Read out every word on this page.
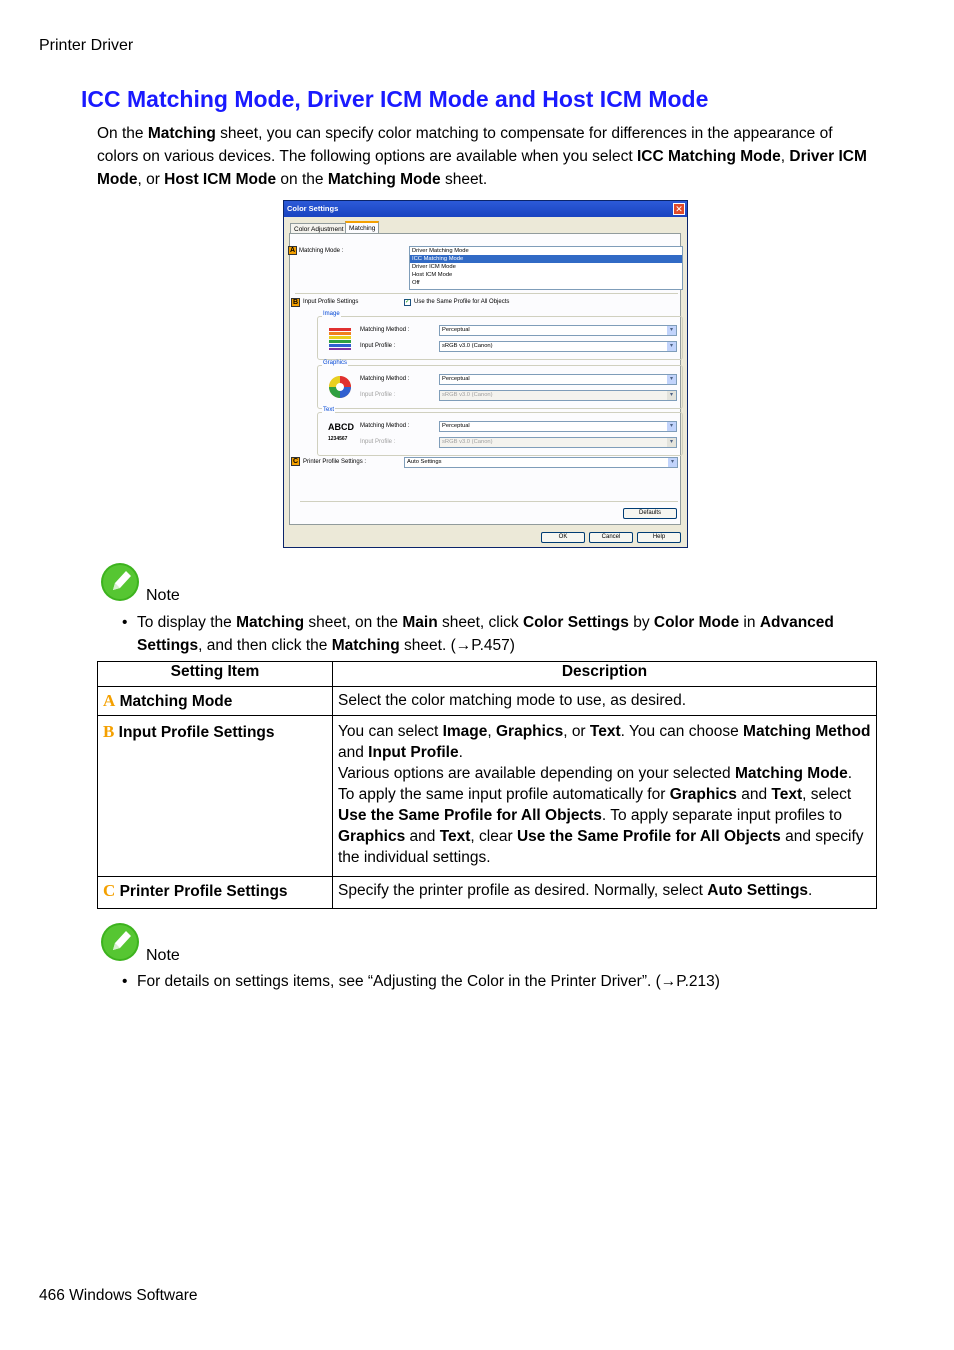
Printer Driver
ICC Matching Mode, Driver ICM Mode and Host ICM Mode
On the Matching sheet, you can specify color matching to compensate for differences in the appearance of colors on various devices. The following options are available when you select ICC Matching Mode, Driver ICM Mode, or Host ICM Mode on the Matching Mode sheet.
Color Settings	✕
Color Adjustment Matching
A Matching Mode :	Driver Matching Mode
ICC Matching Mode
Driver ICM Mode
Host ICM Mode
Off
B Input Profile Settings	✓ Use the Same Profile for All Objects
Image
Matching Method :	Perceptual	▾
Input Profile :	sRGB v3.0 (Canon)	▾
Graphics
Matching Method :	Perceptual	▾
Input Profile :	sRGB v3.0 (Canon)	▾
Text
ABCD
1234567
Matching Method :	Perceptual	▾
Input Profile :	sRGB v3.0 (Canon)	▾
C Printer Profile Settings :	Auto Settings	▾
Defaults
OK	Cancel	Help
Note
• To display the Matching sheet, on the Main sheet, click Color Settings by Color Mode in Advanced Settings, and then click the Matching sheet. (→P.457)
Setting Item	Description
A Matching Mode	Select the color matching mode to use, as desired.
B Input Profile Settings	You can select Image, Graphics, or Text. You can choose Matching Method and Input Profile.
Various options are available depending on your selected Matching Mode.
To apply the same input profile automatically for Graphics and Text, select Use the Same Profile for All Objects. To apply separate input profiles to Graphics and Text, clear Use the Same Profile for All Objects and specify the individual settings.
C Printer Profile Settings	Specify the printer profile as desired. Normally, select Auto Settings.
Note
• For details on settings items, see “Adjusting the Color in the Printer Driver”. (→P.213)
466 Windows Software
